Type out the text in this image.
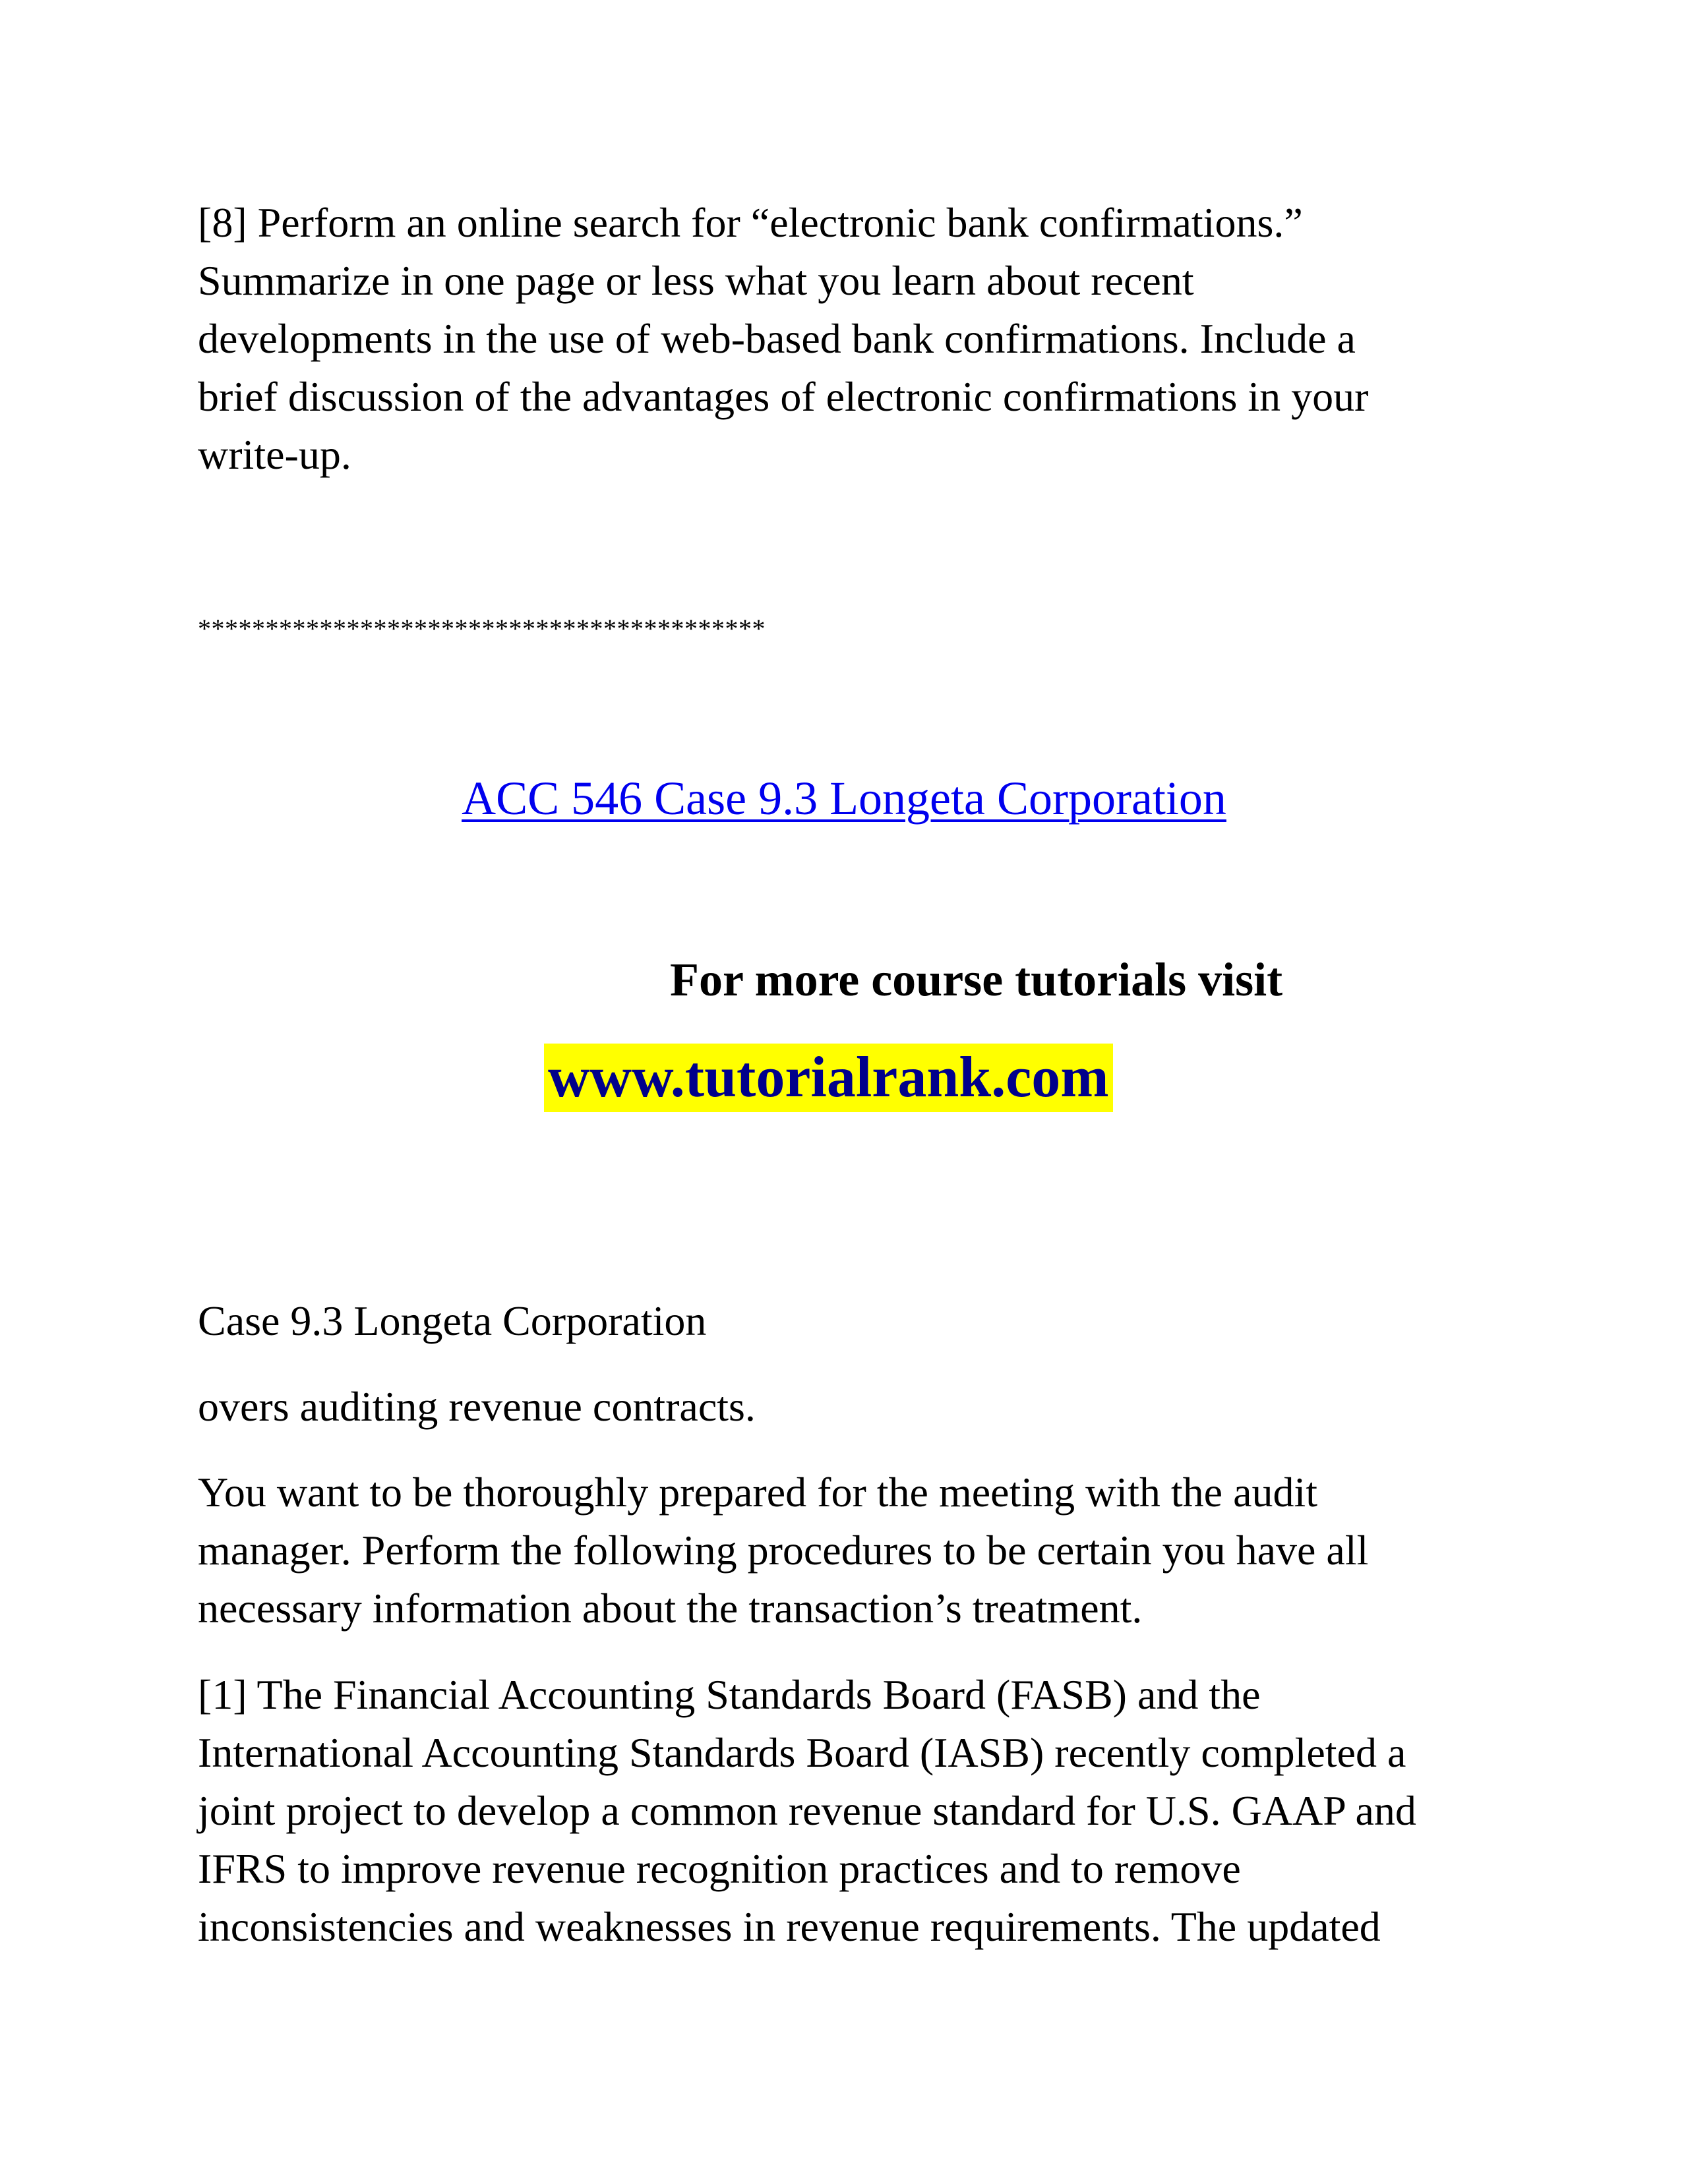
[8] Perform an online search for “electronic bank confirmations.”
Summarize in one page or less what you learn about recent
developments in the use of web-based bank confirmations. Include a
brief discussion of the advantages of electronic confirmations in your
write-up.

******************************************

ACC 546 Case 9.3 Longeta Corporation

For more course tutorials visit

www.tutorialrank.com

Case 9.3 Longeta Corporation

overs auditing revenue contracts.

You want to be thoroughly prepared for the meeting with the audit
manager. Perform the following procedures to be certain you have all
necessary information about the transaction’s treatment.

[1] The Financial Accounting Standards Board (FASB) and the
International Accounting Standards Board (IASB) recently completed a
joint project to develop a common revenue standard for U.S. GAAP and
IFRS to improve revenue recognition practices and to remove
inconsistencies and weaknesses in revenue requirements. The updated
